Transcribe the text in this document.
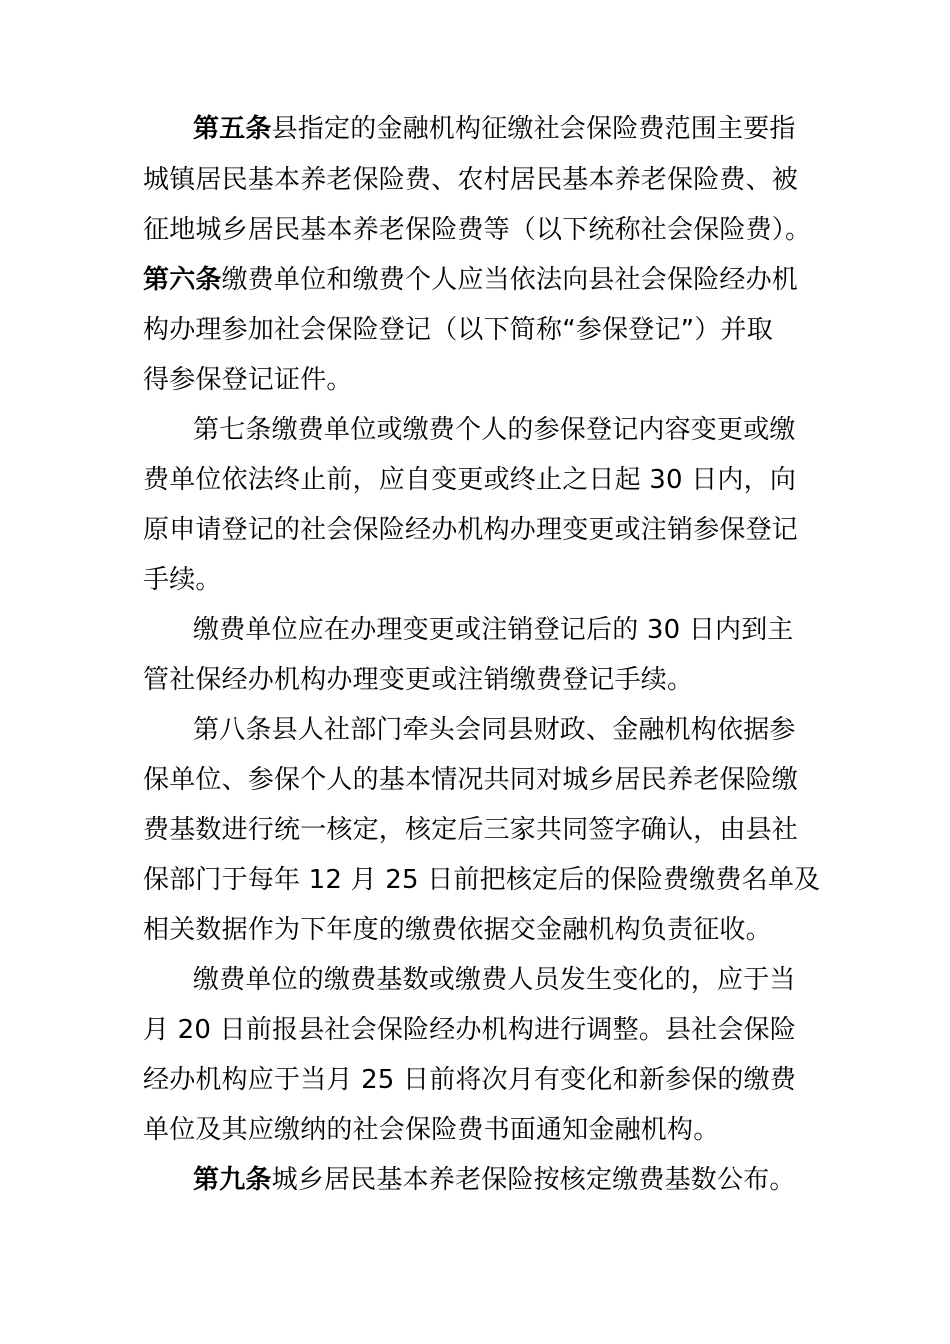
第五条县指定的金融机构征缴社会保险费范围主要指
城镇居民基本养老保险费、农村居民基本养老保险费、被
征地城乡居民基本养老保险费等（以下统称社会保险费）。
第六条缴费单位和缴费个人应当依法向县社会保险经办机
构办理参加社会保险登记（以下简称“参保登记”）并取
得参保登记证件。
第七条缴费单位或缴费个人的参保登记内容变更或缴
费单位依法终止前，应自变更或终止之日起 30 日内，向
原申请登记的社会保险经办机构办理变更或注销参保登记
手续。
缴费单位应在办理变更或注销登记后的 30 日内到主
管社保经办机构办理变更或注销缴费登记手续。
第八条县人社部门牵头会同县财政、金融机构依据参
保单位、参保个人的基本情况共同对城乡居民养老保险缴
费基数进行统一核定，核定后三家共同签字确认，由县社
保部门于每年 12 月 25 日前把核定后的保险费缴费名单及
相关数据作为下年度的缴费依据交金融机构负责征收。
缴费单位的缴费基数或缴费人员发生变化的，应于当
月 20 日前报县社会保险经办机构进行调整。县社会保险
经办机构应于当月 25 日前将次月有变化和新参保的缴费
单位及其应缴纳的社会保险费书面通知金融机构。
第九条城乡居民基本养老保险按核定缴费基数公布。
